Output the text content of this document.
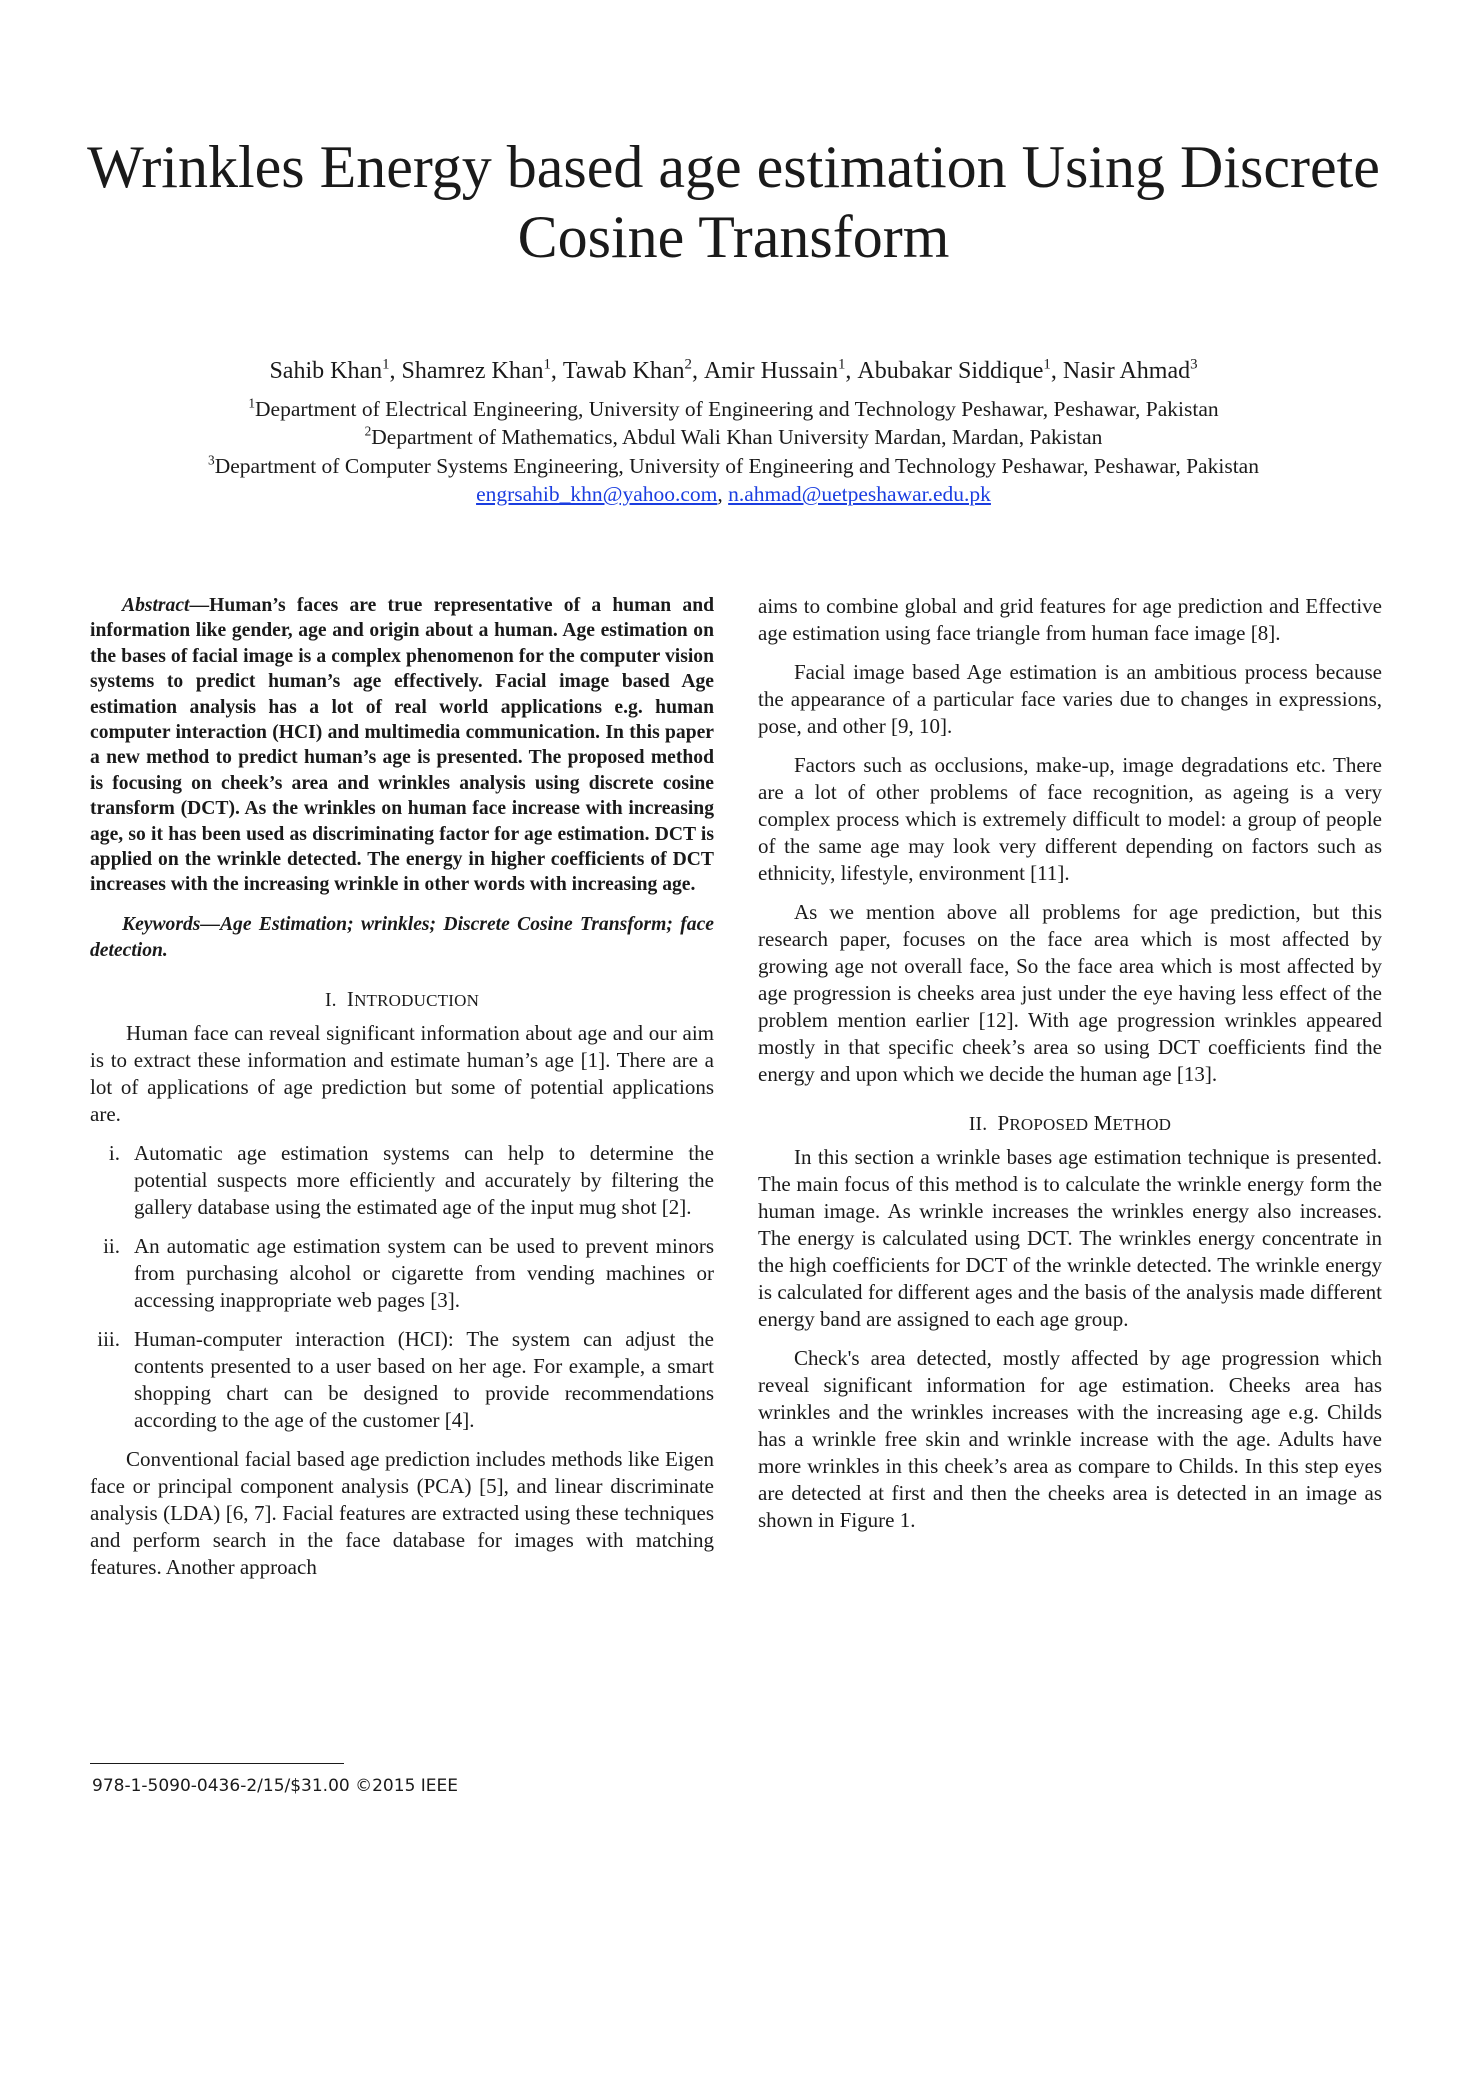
Wrinkles Energy based age estimation Using Discrete
Cosine Transform
Sahib Khan$^1$, Shamrez Khan$^1$, Tawab Khan$^2$, Amir Hussain$^1$, Abubakar Siddique$^1$, Nasir Ahmad$^3$
$^1$Department of Electrical Engineering, University of Engineering and Technology Peshawar, Peshawar, Pakistan
$^2$Department of Mathematics, Abdul Wali Khan University Mardan, Mardan, Pakistan
$^3$Department of Computer Systems Engineering, University of Engineering and Technology Peshawar, Peshawar, Pakistan
engrsahib_khn@yahoo.com, n.ahmad@uetpeshawar.edu.pk

Abstract—Human’s faces are true representative of a human and information like gender, age and origin about a human. Age estimation on the bases of facial image is a complex phenomenon for the computer vision systems to predict human’s age effectively. Facial image based Age estimation analysis has a lot of real world applications e.g. human computer interaction (HCI) and multimedia communication. In this paper a new method to predict human’s age is presented. The proposed method is focusing on cheek’s area and wrinkles analysis using discrete cosine transform (DCT). As the wrinkles on human face increase with increasing age, so it has been used as discriminating factor for age estimation. DCT is applied on the wrinkle detected. The energy in higher coefficients of DCT increases with the increasing wrinkle in other words with increasing age.

Keywords—Age Estimation; wrinkles; Discrete Cosine Transform; face detection.

I. INTRODUCTION

Human face can reveal significant information about age and our aim is to extract these information and estimate human’s age [1]. There are a lot of applications of age prediction but some of potential applications are.

i. Automatic age estimation systems can help to determine the potential suspects more efficiently and accurately by filtering the gallery database using the estimated age of the input mug shot [2].
ii. An automatic age estimation system can be used to prevent minors from purchasing alcohol or cigarette from vending machines or accessing inappropriate web pages [3].
iii. Human-computer interaction (HCI): The system can adjust the contents presented to a user based on her age. For example, a smart shopping chart can be designed to provide recommendations according to the age of the customer [4].

Conventional facial based age prediction includes methods like Eigen face or principal component analysis (PCA) [5], and linear discriminate analysis (LDA) [6, 7]. Facial features are extracted using these techniques and perform search in the face database for images with matching features. Another approach

aims to combine global and grid features for age prediction and Effective age estimation using face triangle from human face image [8].

Facial image based Age estimation is an ambitious process because the appearance of a particular face varies due to changes in expressions, pose, and other [9, 10].

Factors such as occlusions, make-up, image degradations etc. There are a lot of other problems of face recognition, as ageing is a very complex process which is extremely difficult to model: a group of people of the same age may look very different depending on factors such as ethnicity, lifestyle, environment [11].

As we mention above all problems for age prediction, but this research paper, focuses on the face area which is most affected by growing age not overall face, So the face area which is most affected by age progression is cheeks area just under the eye having less effect of the problem mention earlier [12]. With age progression wrinkles appeared mostly in that specific cheek’s area so using DCT coefficients find the energy and upon which we decide the human age [13].

II. PROPOSED METHOD

In this section a wrinkle bases age estimation technique is presented. The main focus of this method is to calculate the wrinkle energy form the human image. As wrinkle increases the wrinkles energy also increases. The energy is calculated using DCT. The wrinkles energy concentrate in the high coefficients for DCT of the wrinkle detected. The wrinkle energy is calculated for different ages and the basis of the analysis made different energy band are assigned to each age group.

Check's area detected, mostly affected by age progression which reveal significant information for age estimation. Cheeks area has wrinkles and the wrinkles increases with the increasing age e.g. Childs has a wrinkle free skin and wrinkle increase with the age. Adults have more wrinkles in this cheek’s area as compare to Childs. In this step eyes are detected at first and then the cheeks area is detected in an image as shown in Figure 1.

978-1-5090-0436-2/15/$31.00 ©2015 IEEE
